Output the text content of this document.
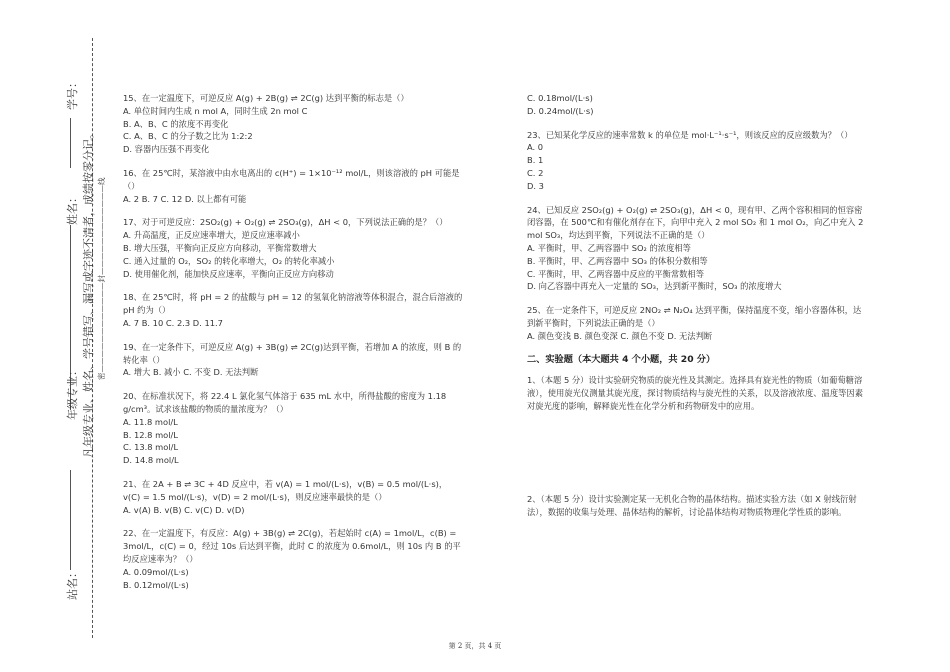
学号：
姓名：
年级专业：
站名：
凡年级专业、姓名、学号错写、漏写或字迹不清者，成绩按零分记。 密————————————封————————————线
15、在一定温度下，可逆反应 A(g) + 2B(g) ⇌ 2C(g) 达到平衡的标志是（）
A. 单位时间内生成 n mol A，同时生成 2n mol C
B. A、B、C 的浓度不再变化
C. A、B、C 的分子数之比为 1:2:2
D. 容器内压强不再变化
16、在 25℃时，某溶液中由水电离出的 c(H⁺) = 1×10⁻¹² mol/L，则该溶液的 pH 可能是（）
A. 2 B. 7 C. 12 D. 以上都有可能
17、对于可逆反应：2SO₂(g) + O₂(g) ⇌ 2SO₃(g)，ΔH < 0，下列说法正确的是？（）
A. 升高温度，正反应速率增大，逆反应速率减小
B. 增大压强，平衡向正反应方向移动，平衡常数增大
C. 通入过量的 O₂，SO₂ 的转化率增大，O₂ 的转化率减小
D. 使用催化剂，能加快反应速率，平衡向正反应方向移动
18、在 25℃时，将 pH = 2 的盐酸与 pH = 12 的氢氧化钠溶液等体积混合，混合后溶液的 pH 约为（）
A. 7 B. 10 C. 2.3 D. 11.7
19、在一定条件下，可逆反应 A(g) + 3B(g) ⇌ 2C(g)达到平衡，若增加 A 的浓度，则 B 的转化率（）
A. 增大 B. 减小 C. 不变 D. 无法判断
20、在标准状况下，将 22.4 L 氯化氢气体溶于 635 mL 水中，所得盐酸的密度为 1.18 g/cm³。试求该盐酸的物质的量浓度为？（）
A. 11.8 mol/L
B. 12.8 mol/L
C. 13.8 mol/L
D. 14.8 mol/L
21、在 2A + B ⇌ 3C + 4D 反应中，若 v(A) = 1 mol/(L·s)，v(B) = 0.5 mol/(L·s)，v(C) = 1.5 mol/(L·s)，v(D) = 2 mol/(L·s)，则反应速率最快的是（）
A. v(A) B. v(B) C. v(C) D. v(D)
22、在一定温度下，有反应：A(g) + 3B(g) ⇌ 2C(g)，若起始时 c(A) = 1mol/L，c(B) = 3mol/L，c(C) = 0，经过 10s 后达到平衡，此时 C 的浓度为 0.6mol/L，则 10s 内 B 的平均反应速率为？（）
A. 0.09mol/(L·s)
B. 0.12mol/(L·s)
C. 0.18mol/(L·s)
D. 0.24mol/(L·s)
23、已知某化学反应的速率常数 k 的单位是 mol·L⁻¹·s⁻¹，则该反应的反应级数为？（）
A. 0
B. 1
C. 2
D. 3
24、已知反应 2SO₂(g) + O₂(g) ⇌ 2SO₃(g)，ΔH < 0，现有甲、乙两个容积相同的恒容密闭容器，在 500℃和有催化剂存在下，向甲中充入 2 mol SO₂ 和 1 mol O₂，向乙中充入 2 mol SO₃，均达到平衡，下列说法不正确的是（）
A. 平衡时，甲、乙两容器中 SO₂ 的浓度相等
B. 平衡时，甲、乙两容器中 SO₃ 的体积分数相等
C. 平衡时，甲、乙两容器中反应的平衡常数相等
D. 向乙容器中再充入一定量的 SO₃，达到新平衡时，SO₃ 的浓度增大
25、在一定条件下，可逆反应 2NO₂ ⇌ N₂O₄ 达到平衡，保持温度不变，缩小容器体积，达到新平衡时，下列说法正确的是（）
A. 颜色变浅 B. 颜色变深 C. 颜色不变 D. 无法判断
二、实验题（本大题共 4 个小题，共 20 分）
1、（本题 5 分）设计实验研究物质的旋光性及其测定。选择具有旋光性的物质（如葡萄糖溶液），使用旋光仪测量其旋光度，探讨物质结构与旋光性的关系，以及溶液浓度、温度等因素对旋光度的影响，解释旋光性在化学分析和药物研发中的应用。
2、（本题 5 分）设计实验测定某一无机化合物的晶体结构。描述实验方法（如 X 射线衍射法），数据的收集与处理、晶体结构的解析，讨论晶体结构对物质物理化学性质的影响。
第 2 页，共 4 页
